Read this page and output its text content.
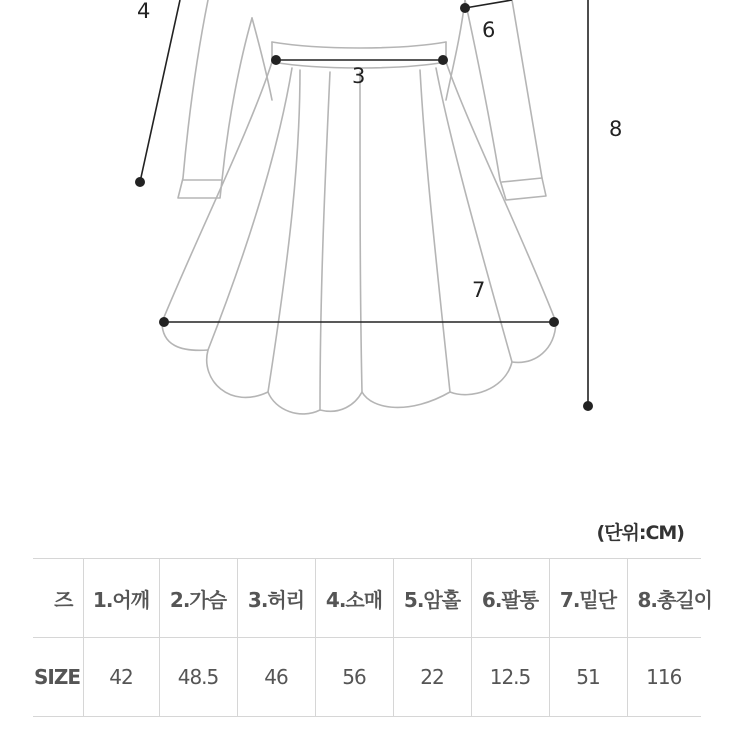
4
6
3
8
7
(단위:CM)
즈	1.어깨	2.가슴	3.허리	4.소매	5.암홀	6.팔통	7.밑단	8.총길이
SIZE	42	48.5	46	56	22	12.5	51	116
